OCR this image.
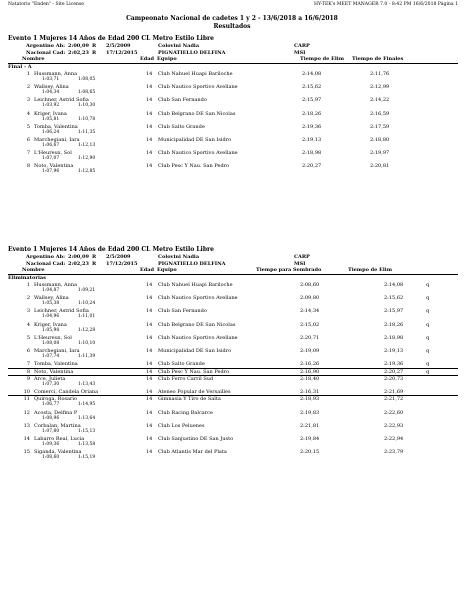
Natatorio "Enden" - Site License	HY-TEK's MEET MANAGER 7.0 - 8:42 PM 16/6/2018 Página 1
Campeonato Nacional de cadetes 1 y 2 - 13/6/2018 a 16/6/2018
Resultados
Evento 1 Mujeres 14 Años de Edad 200 CL Metro Estilo Libre
Argentino Ab: 2:00,09 R 2/5/2009	Colovini Nadia	CARP
Nacional Cad: 2:02,23 R 17/12/2015	PIGNATIELLO DELFINA	MSI
Nombre	Edad Equipo	Tiempo de Elim Tiempo de Finales
Final - A
1 Hussmann, Anna	14 Club Nahuel Huapi Bariloche	2:14,08	2:11,76
1:03,71	1:08,05
2 Wallsey, Alina	14 Club Nautico Sportivo Avellane	2:15,62	2:12,99
1:04,34	1:08,65
3 Leichner, Astrid Sofia	14 Club San Fernando	2:15,97	2:14,22
1:03,92	1:10,30
4 Kriger, Ivana	14 Club Belgrano DE San Nicolas	2:18,26	2:16,59
1:05,81	1:10,78
5 Tomba, Valentina	14 Club Salto Grande	2:19,36	2:17,59
1:06,24	1:11,35
6 Marchegiani, Iara	14 Municipalidad DE San Isidro	2:19,13	2:18,80
1:06,67	1:12,13
7 L'Heureux, Sol	14 Club Nautico Sportivo Avellane	2:18,98	2:19,97
1:07,07	1:12,90
8 Noto, Valentina	14 Club Pesc Y Nau. San Pedro	2:20,27	2:20,81
1:07,96	1:12,85
Evento 1 Mujeres 14 Años de Edad 200 CL Metro Estilo Libre
Argentino Ab: 2:00,09 R 2/5/2009	Colovini Nadia	CARP
Nacional Cad: 2:02,23 R 17/12/2015	PIGNATIELLO DELFINA	MSI
Nombre	Edad Equipo	Tiempo para Sembrado	Tiempo de Elim
Eliminatorias
1 Hussmann, Anna	14 Club Nahuel Huapi Bariloche	2:08,60	2:14,08	q
1:04,87	1:09,21
2 Wallsey, Alina	14 Club Nautico Sportivo Avellane	2:09,80	2:15,62	q
1:05,38	1:10,24
3 Leichner, Astrid Sofia	14 Club San Fernando	2:14,34	2:15,97	q
1:04,96	1:11,01
4 Kriger, Ivana	14 Club Belgrano DE San Nicolas	2:15,02	2:18,26	q
1:05,98	1:12,28
5 L'Heureux, Sol	14 Club Nautico Sportivo Avellane	2:20,71	2:18,98	q
1:08,08	1:10,10
6 Marchegiani, Iara	14 Municipalidad DE San Isidro	2:19,09	2:19,13	q
1:07,74	1:11,39
7 Tomba, Valentina	14 Club Salto Grande	2:16,26	2:19,36	q
8 Noto, Valentina	14 Club Pesc Y Nau. San Pedro	2:16,90	2:20,27	q
9 Arce, Julieta	14 Club Ferro Carril Sud	2:18,40	2:20,73
1:07,30	1:13,43
10 Comerci, Candela Oriana	14 Ateneo Popular de Versailles	2:16,31	2:21,69
11 Quiroga, Rosario	14 Gimnasia Y Tiro de Salta	2:18,93	2:21,72
1:06,77	1:14,95
12 Acosta, Delfina P	14 Club Racing Balcarce	2:19,83	2:22,60
1:08,96	1:13,64
13 Corbalan, Martina	14 Club Los Peluenes	2:21,81	2:22,93
1:07,80	1:15,13
14 Labarro Real, Lucia	14 Club Sanjustino DE San Justo	2:19,84	2:22,94
1:09,36	1:13,58
15 Siganda, Valentina	14 Club Atlantis Mar del Plata	2:20,15	2:23,79
1:08,60	1:15,19
